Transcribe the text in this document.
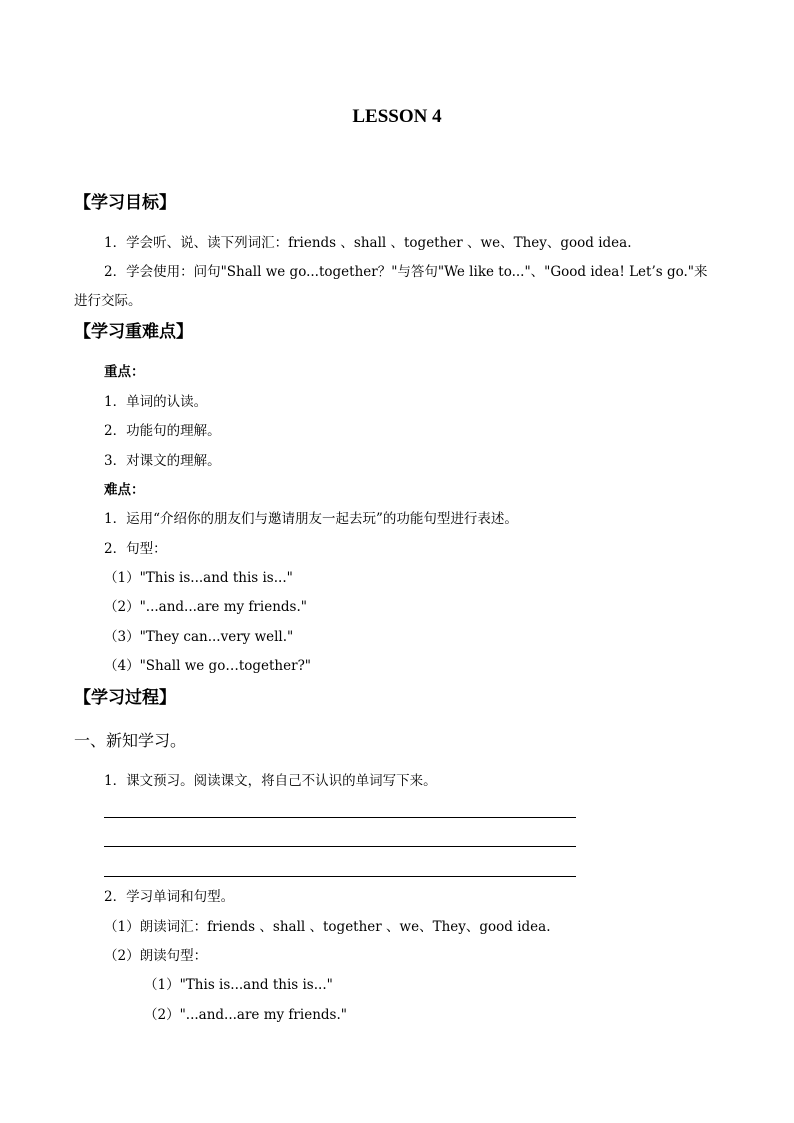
LESSON 4
【学习目标】
1．学会听、说、读下列词汇：friends 、shall 、together 、we、They、good idea.
2．学会使用：问句"Shall we go...together？"与答句"We like to..."、"Good idea! Let’s go."来
进行交际。
【学习重难点】
重点：
1．单词的认读。
2．功能句的理解。
3．对课文的理解。
难点：
1．运用“介绍你的朋友们与邀请朋友一起去玩”的功能句型进行表述。
2．句型：
（1）"This is...and this is..."
（2）"...and...are my friends."
（3）"They can...very well."
（4）"Shall we go…together?"
【学习过程】
一、新知学习。
1．课文预习。阅读课文，将自己不认识的单词写下来。
2．学习单词和句型。
（1）朗读词汇：friends 、shall 、together 、we、They、good idea.
（2）朗读句型：
（1）"This is...and this is..."
（2）"...and...are my friends."
